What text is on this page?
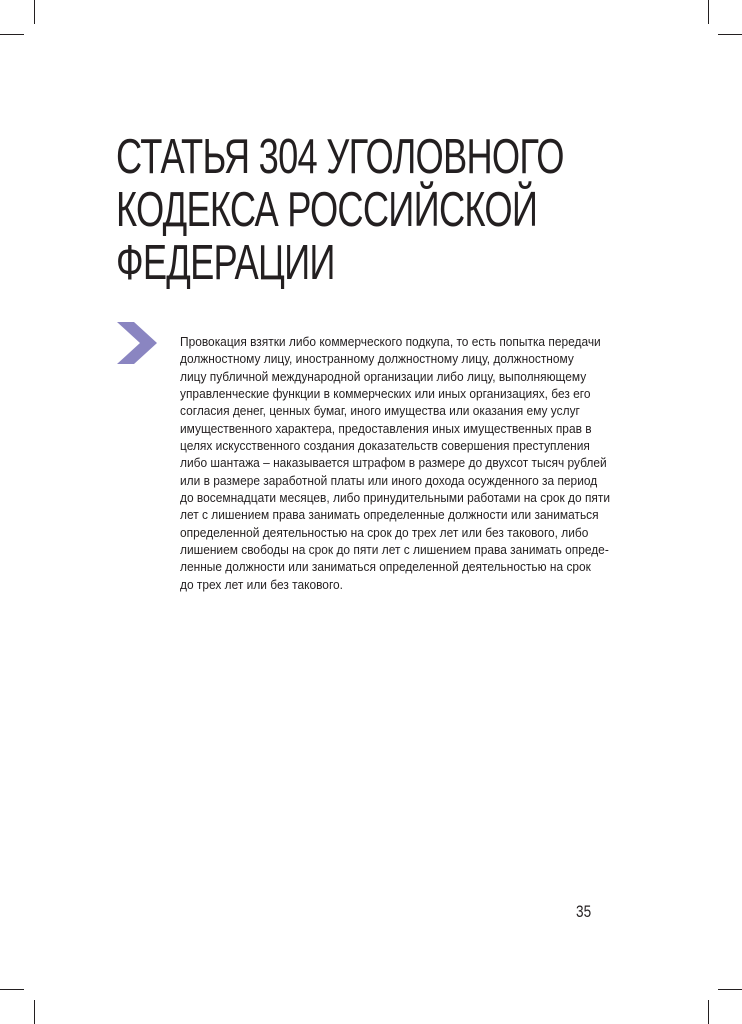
СТАТЬЯ 304 УГОЛОВНОГО
КОДЕКСА РОССИЙСКОЙ
ФЕДЕРАЦИИ

Провокация взятки либо коммерческого подкупа, то есть попытка передачи
должностному лицу, иностранному должностному лицу, должностному
лицу публичной международной организации либо лицу, выполняющему
управленческие функции в коммерческих или иных организациях, без его
согласия денег, ценных бумаг, иного имущества или оказания ему услуг
имущественного характера, предоставления иных имущественных прав в
целях искусственного создания доказательств совершения преступления
либо шантажа – наказывается штрафом в размере до двухсот тысяч рублей
или в размере заработной платы или иного дохода осужденного за период
до восемнадцати месяцев, либо принудительными работами на срок до пяти
лет с лишением права занимать определенные должности или заниматься
определенной деятельностью на срок до трех лет или без такового, либо
лишением свободы на срок до пяти лет с лишением права занимать опреде-
ленные должности или заниматься определенной деятельностью на срок
до трех лет или без такового.

35
